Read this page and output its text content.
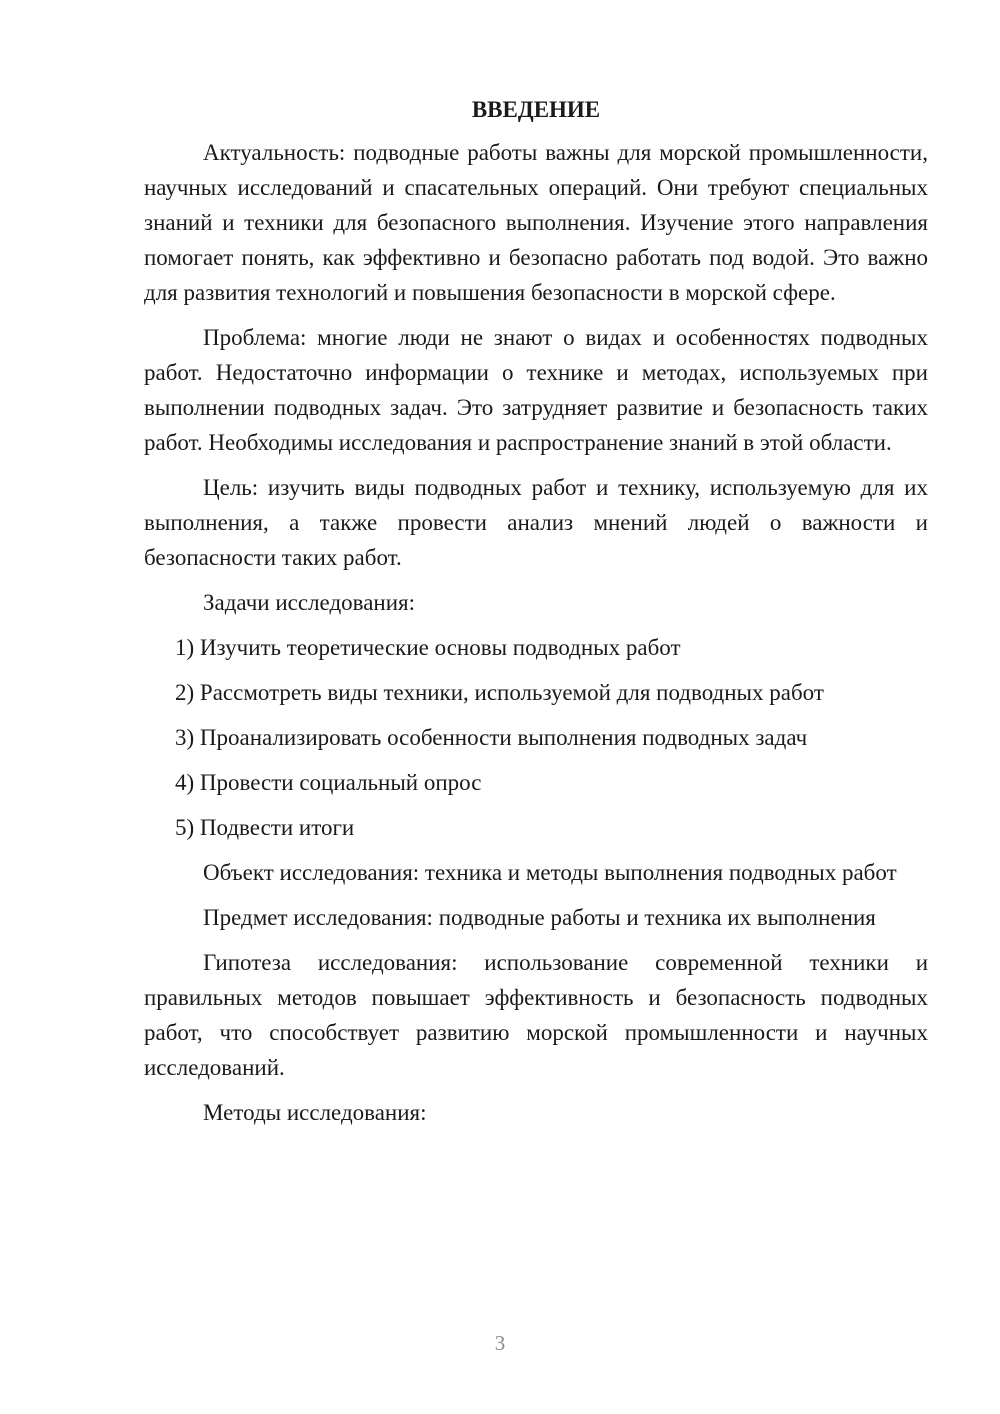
ВВЕДЕНИЕ

Актуальность: подводные работы важны для морской промышленности, научных исследований и спасательных операций. Они требуют специальных знаний и техники для безопасного выполнения. Изучение этого направления помогает понять, как эффективно и безопасно работать под водой. Это важно для развития технологий и повышения безопасности в морской сфере.

Проблема: многие люди не знают о видах и особенностях подводных работ. Недостаточно информации о технике и методах, используемых при выполнении подводных задач. Это затрудняет развитие и безопасность таких работ. Необходимы исследования и распространение знаний в этой области.

Цель: изучить виды подводных работ и технику, используемую для их выполнения, а также провести анализ мнений людей о важности и безопасности таких работ.

Задачи исследования:

1) Изучить теоретические основы подводных работ
2) Рассмотреть виды техники, используемой для подводных работ
3) Проанализировать особенности выполнения подводных задач
4) Провести социальный опрос
5) Подвести итоги

Объект исследования: техника и методы выполнения подводных работ

Предмет исследования: подводные работы и техника их выполнения

Гипотеза исследования: использование современной техники и правильных методов повышает эффективность и безопасность подводных работ, что способствует развитию морской промышленности и научных исследований.

Методы исследования:

3
